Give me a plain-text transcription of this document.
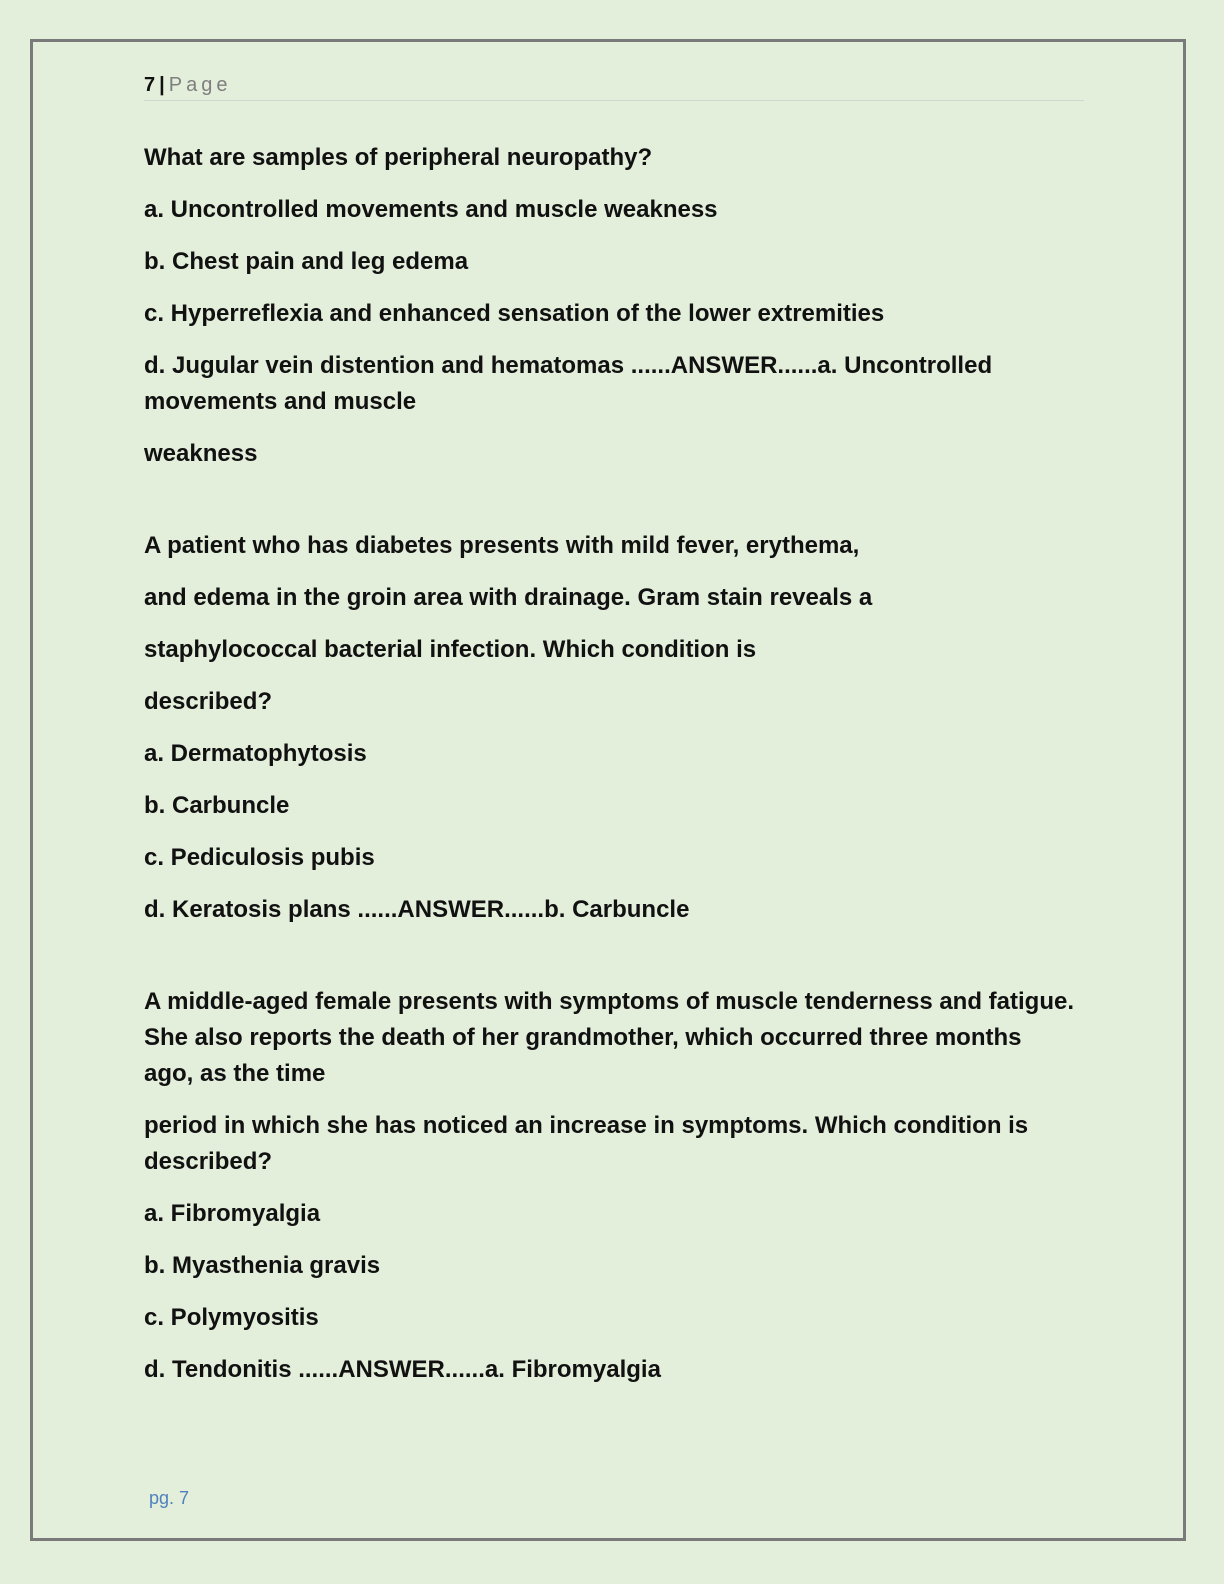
7 | Page

What are samples of peripheral neuropathy?

a. Uncontrolled movements and muscle weakness

b. Chest pain and leg edema

c. Hyperreflexia and enhanced sensation of the lower extremities

d. Jugular vein distention and hematomas ......ANSWER......a. Uncontrolled movements and muscle

weakness

A patient who has diabetes presents with mild fever, erythema,

and edema in the groin area with drainage. Gram stain reveals a

staphylococcal bacterial infection. Which condition is

described?

a. Dermatophytosis

b. Carbuncle

c. Pediculosis pubis

d. Keratosis plans ......ANSWER......b. Carbuncle

A middle-aged female presents with symptoms of muscle tenderness and fatigue. She also reports the death of her grandmother, which occurred three months ago, as the time

period in which she has noticed an increase in symptoms. Which condition is described?

a. Fibromyalgia

b. Myasthenia gravis

c. Polymyositis

d. Tendonitis ......ANSWER......a. Fibromyalgia

pg. 7
